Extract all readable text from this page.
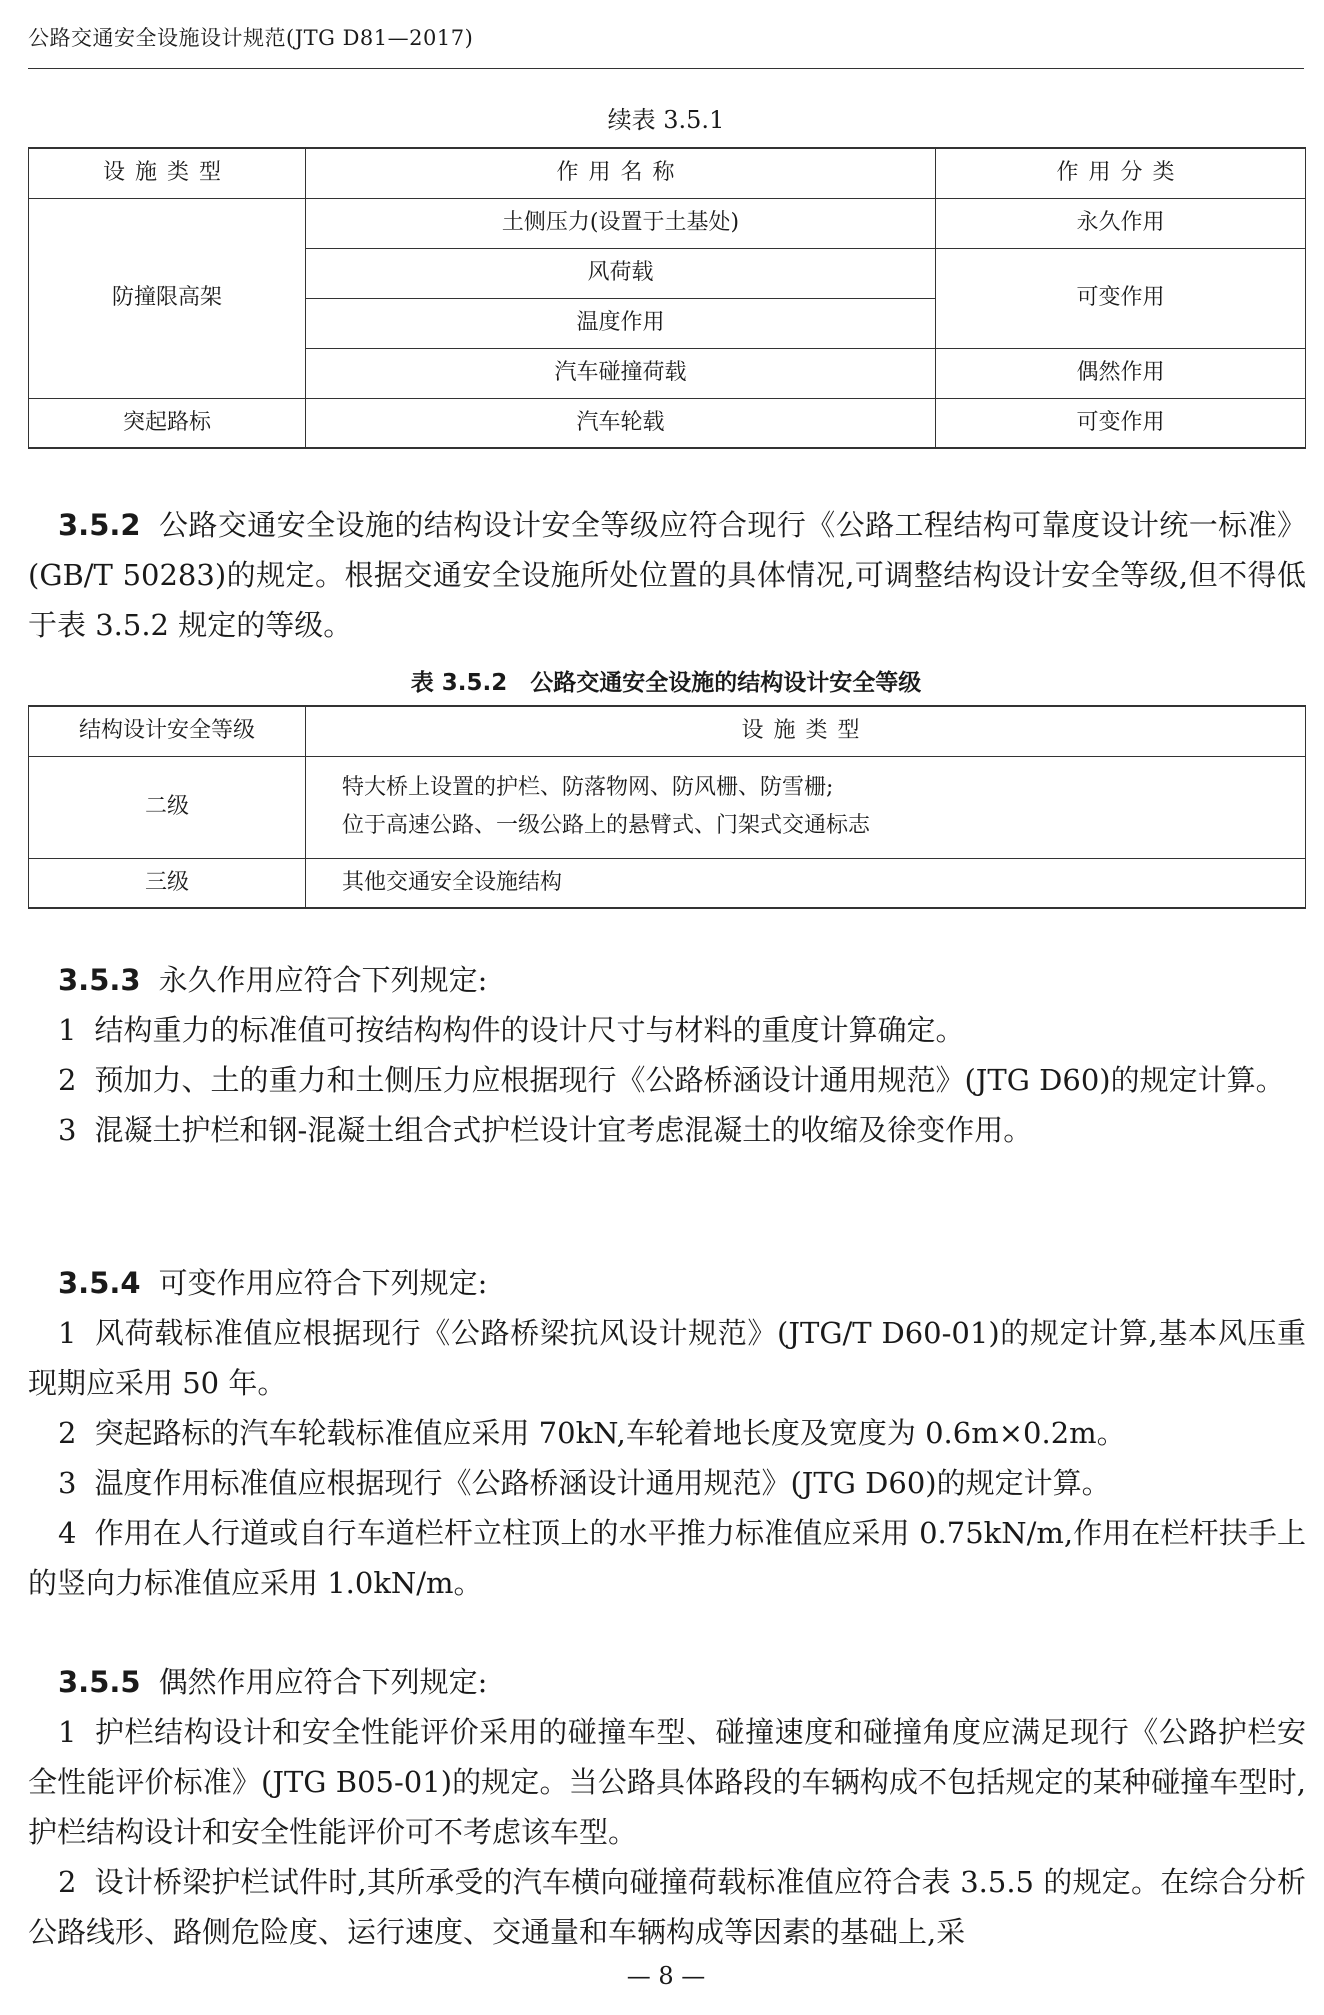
公路交通安全设施设计规范(JTG D81—2017)
续表 3.5.1
设施类型	作用名称	作用分类
防撞限高架	土侧压力(设置于土基处)	永久作用
	风荷载	可变作用
	温度作用	
	汽车碰撞荷载	偶然作用
突起路标	汽车轮载	可变作用

3.5.2 公路交通安全设施的结构设计安全等级应符合现行《公路工程结构可靠度设计统一标准》(GB/T 50283)的规定。根据交通安全设施所处位置的具体情况,可调整结构设计安全等级,但不得低于表 3.5.2 规定的等级。

表 3.5.2　公路交通安全设施的结构设计安全等级
结构设计安全等级	设施类型
二级	特大桥上设置的护栏、防落物网、防风栅、防雪栅;
位于高速公路、一级公路上的悬臂式、门架式交通标志

三级	其他交通安全设施结构

3.5.3 永久作用应符合下列规定:

1 结构重力的标准值可按结构构件的设计尺寸与材料的重度计算确定。

2 预加力、土的重力和土侧压力应根据现行《公路桥涵设计通用规范》(JTG D60)的规定计算。

3 混凝土护栏和钢-混凝土组合式护栏设计宜考虑混凝土的收缩及徐变作用。

3.5.4 可变作用应符合下列规定:

1 风荷载标准值应根据现行《公路桥梁抗风设计规范》(JTG/T D60-01)的规定计算,基本风压重现期应采用 50 年。

2 突起路标的汽车轮载标准值应采用 70kN,车轮着地长度及宽度为 0.6m×0.2m。

3 温度作用标准值应根据现行《公路桥涵设计通用规范》(JTG D60)的规定计算。

4 作用在人行道或自行车道栏杆立柱顶上的水平推力标准值应采用 0.75kN/m,作用在栏杆扶手上的竖向力标准值应采用 1.0kN/m。

3.5.5 偶然作用应符合下列规定:

1 护栏结构设计和安全性能评价采用的碰撞车型、碰撞速度和碰撞角度应满足现行《公路护栏安全性能评价标准》(JTG B05-01)的规定。当公路具体路段的车辆构成不包括规定的某种碰撞车型时,护栏结构设计和安全性能评价可不考虑该车型。

2 设计桥梁护栏试件时,其所承受的汽车横向碰撞荷载标准值应符合表 3.5.5 的规定。在综合分析公路线形、路侧危险度、运行速度、交通量和车辆构成等因素的基础上,采

— 8 —
